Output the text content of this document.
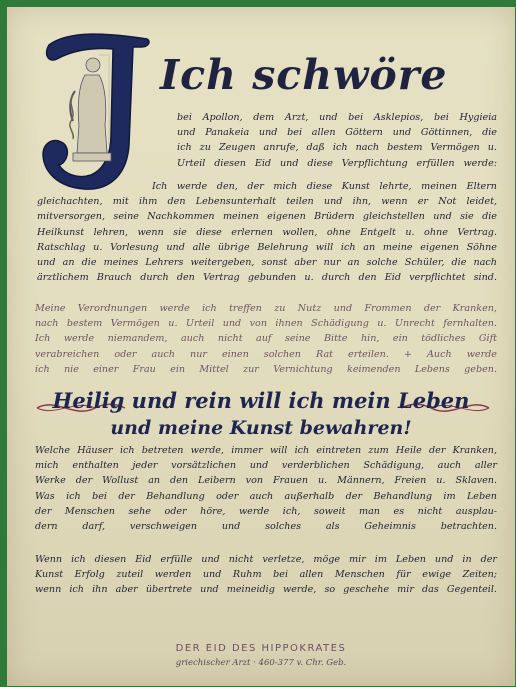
Ich schwöre
bei Apollon, dem Arzt, und bei Asklepios, bei Hygieia
und Panakeia und bei allen Göttern und Göttinnen, die
ich zu Zeugen anrufe, daß ich nach bestem Vermögen u.
Urteil diesen Eid und diese Verpflichtung erfüllen werde:
Ich werde den, der mich diese Kunst lehrte, meinen Eltern
gleichachten, mit ihm den Lebensunterhalt teilen und ihn, wenn er Not leidet,
mitversorgen, seine Nachkommen meinen eigenen Brüdern gleichstellen und sie die
Heilkunst lehren, wenn sie diese erlernen wollen, ohne Entgelt u. ohne Vertrag.
Ratschlag u. Vorlesung und alle übrige Belehrung will ich an meine eigenen Söhne
und an die meines Lehrers weitergeben, sonst aber nur an solche Schüler, die nach
ärztlichem Brauch durch den Vertrag gebunden u. durch den Eid verpflichtet sind.
Meine Verordnungen werde ich treffen zu Nutz und Frommen der Kranken,
nach bestem Vermögen u. Urteil und von ihnen Schädigung u. Unrecht fernhalten.
Ich werde niemandem, auch nicht auf seine Bitte hin, ein tödliches Gift
verabreichen oder auch nur einen solchen Rat erteilen. + Auch werde
ich nie einer Frau ein Mittel zur Vernichtung keimenden Lebens geben.
Heilig und rein will ich mein Leben
und meine Kunst bewahren!
Welche Häuser ich betreten werde, immer will ich eintreten zum Heile der Kranken,
mich enthalten jeder vorsätzlichen und verderblichen Schädigung, auch aller
Werke der Wollust an den Leibern von Frauen u. Männern, Freien u. Sklaven.
Was ich bei der Behandlung oder auch außerhalb der Behandlung im Leben
der Menschen sehe oder höre, werde ich, soweit man es nicht ausplau-
dern darf, verschweigen und solches als Geheimnis betrachten.
Wenn ich diesen Eid erfülle und nicht verletze, möge mir im Leben und in der
Kunst Erfolg zuteil werden und Ruhm bei allen Menschen für ewige Zeiten;
wenn ich ihn aber übertrete und meineidig werde, so geschehe mir das Gegenteil.
DER EID DES HIPPOKRATES
griechischer Arzt · 460-377 v. Chr. Geb.
